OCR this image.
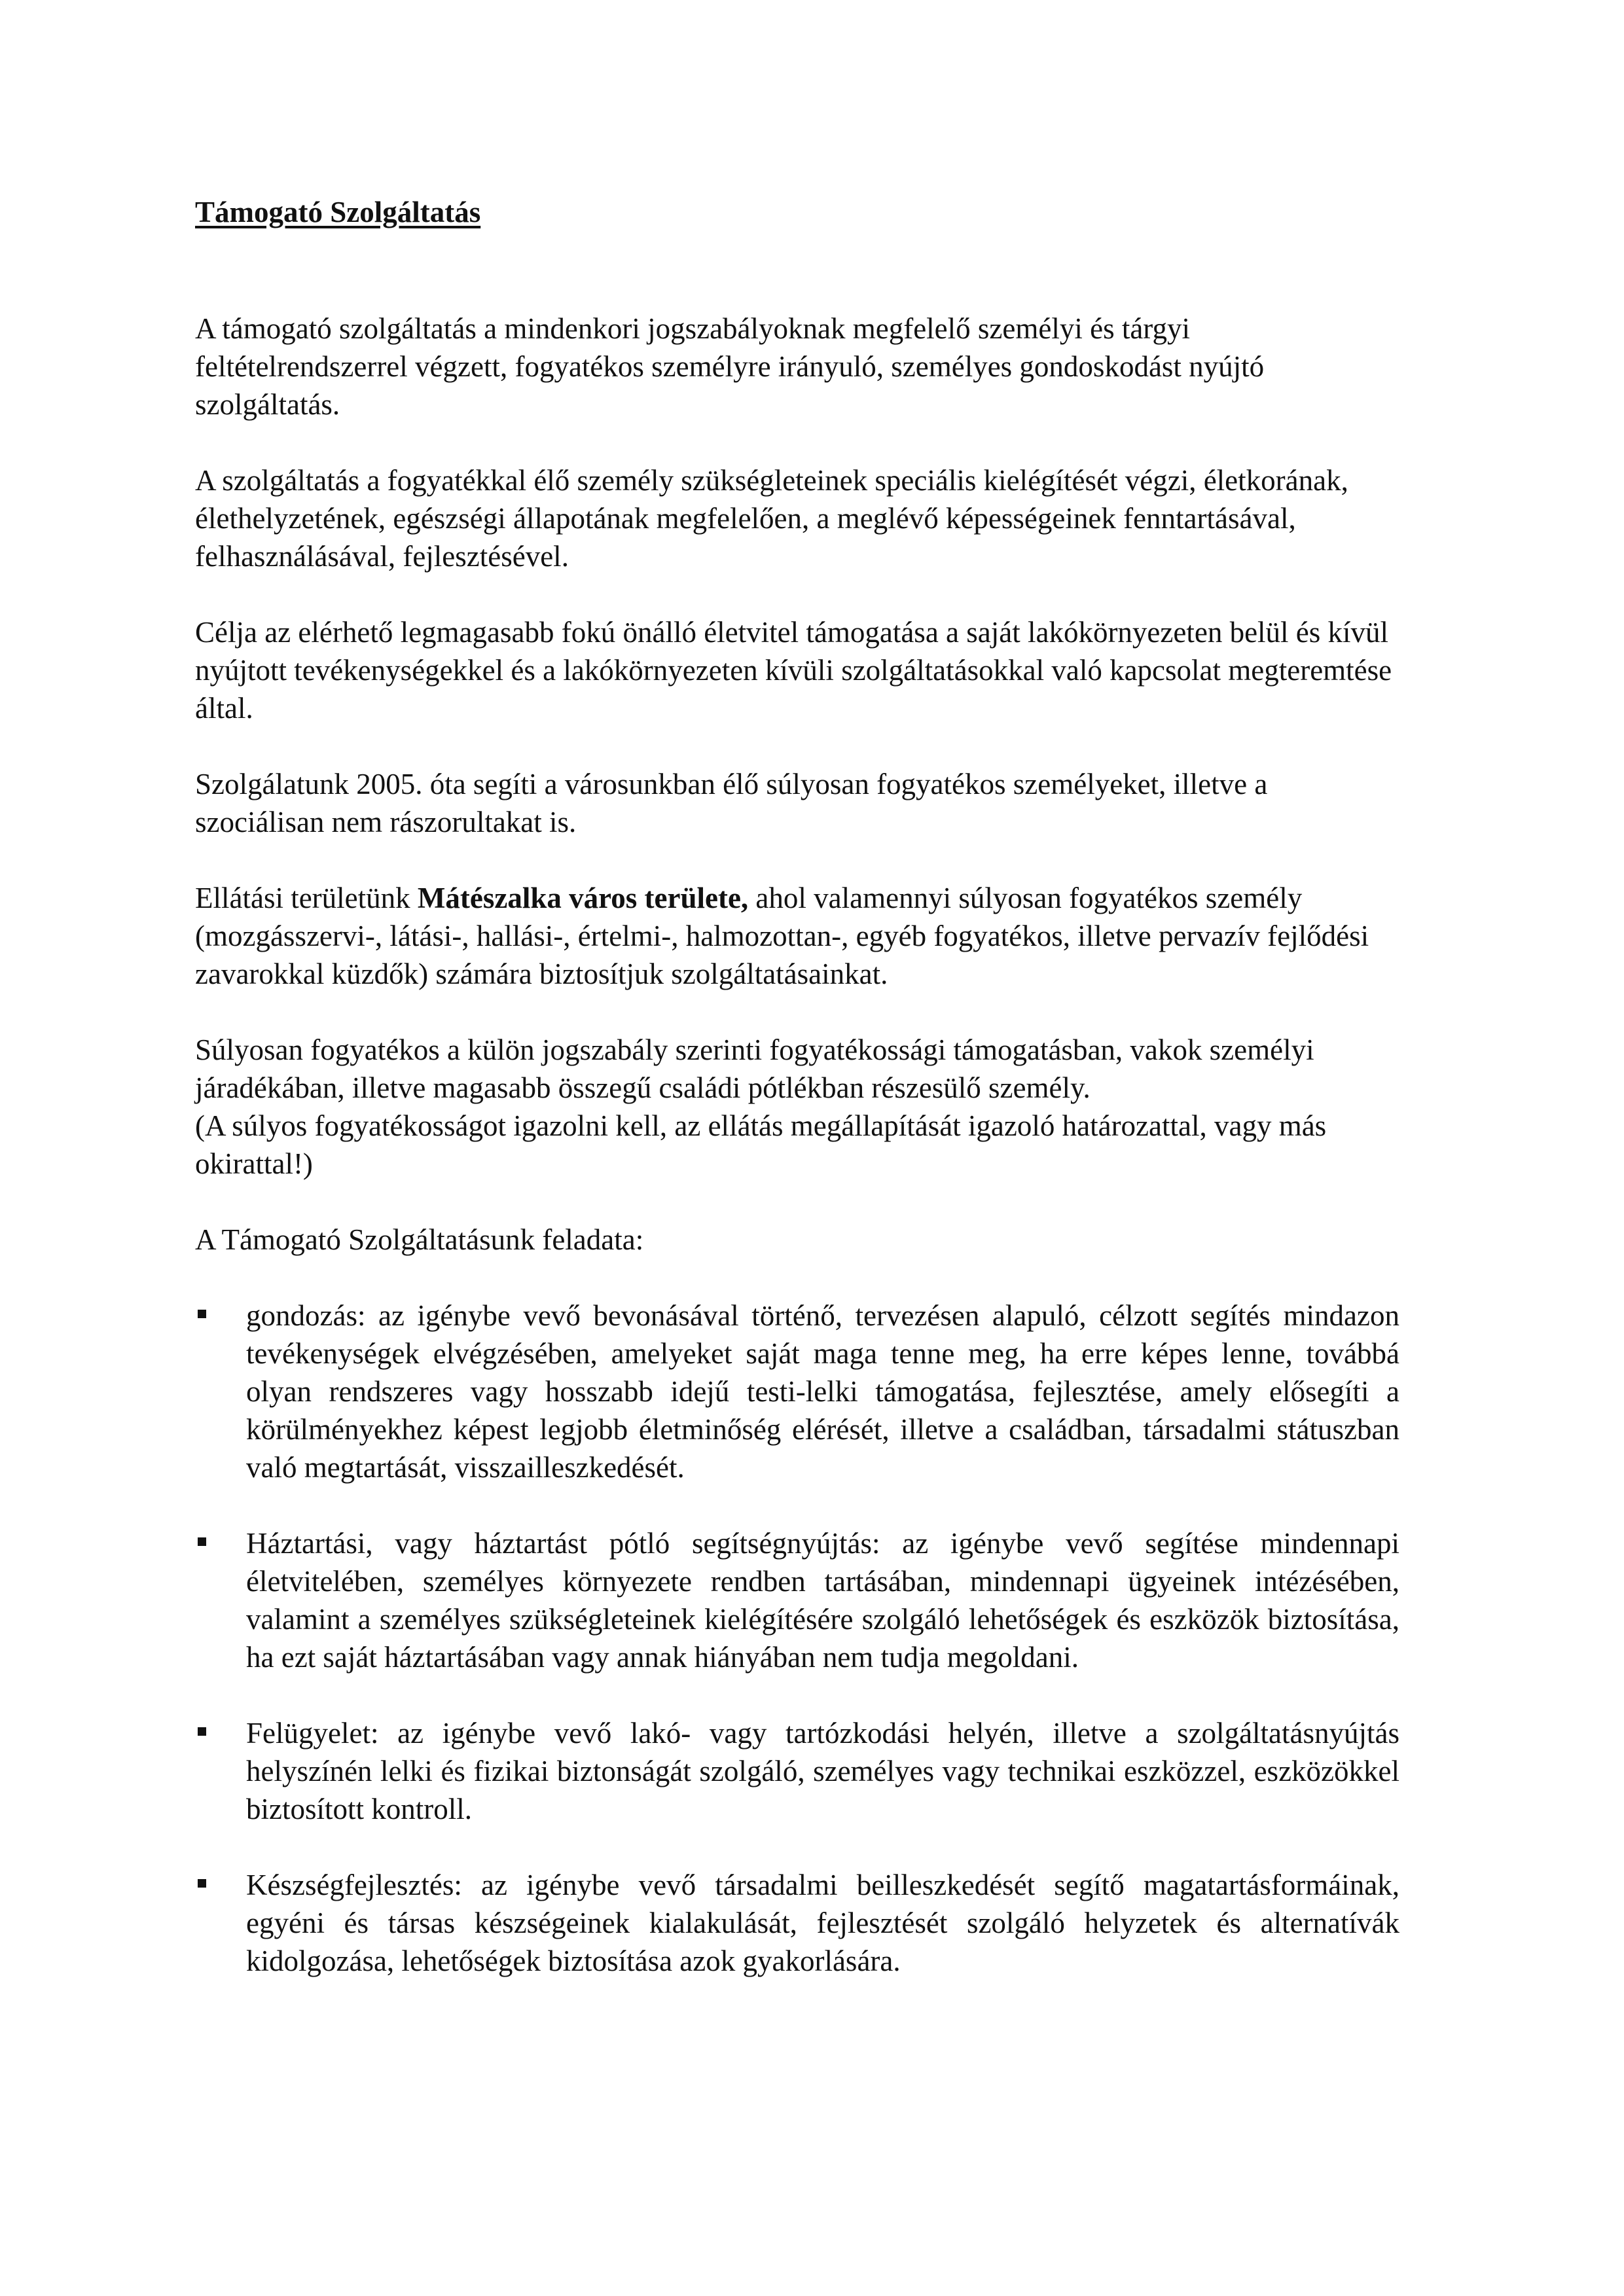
Támogató Szolgáltatás

A támogató szolgáltatás a mindenkori jogszabályoknak megfelelő személyi és tárgyi feltételrendszerrel végzett, fogyatékos személyre irányuló, személyes gondoskodást nyújtó szolgáltatás.

A szolgáltatás a fogyatékkal élő személy szükségleteinek speciális kielégítését végzi, életkorának, élethelyzetének, egészségi állapotának megfelelően, a meglévő képességeinek fenntartásával, felhasználásával, fejlesztésével.

Célja az elérhető legmagasabb fokú önálló életvitel támogatása a saját lakókörnyezeten belül és kívül nyújtott tevékenységekkel és a lakókörnyezeten kívüli szolgáltatásokkal való kapcsolat megteremtése által.

Szolgálatunk 2005. óta segíti a városunkban élő súlyosan fogyatékos személyeket, illetve a szociálisan nem rászorultakat is.

Ellátási területünk Mátészalka város területe, ahol valamennyi súlyosan fogyatékos személy (mozgásszervi-, látási-, hallási-, értelmi-, halmozottan-, egyéb fogyatékos, illetve pervazív fejlődési zavarokkal küzdők) számára biztosítjuk szolgáltatásainkat.

Súlyosan fogyatékos a külön jogszabály szerinti fogyatékossági támogatásban, vakok személyi járadékában, illetve magasabb összegű családi pótlékban részesülő személy.
(A súlyos fogyatékosságot igazolni kell, az ellátás megállapítását igazoló határozattal, vagy más okirattal!)

A Támogató Szolgáltatásunk feladata:

gondozás: az igénybe vevő bevonásával történő, tervezésen alapuló, célzott segítés mindazon tevékenységek elvégzésében, amelyeket saját maga tenne meg, ha erre képes lenne, továbbá olyan rendszeres vagy hosszabb idejű testi-lelki támogatása, fejlesztése, amely elősegíti a körülményekhez képest legjobb életminőség elérését, illetve a családban, társadalmi státuszban való megtartását, visszailleszkedését.
Háztartási, vagy háztartást pótló segítségnyújtás: az igénybe vevő segítése mindennapi életvitelében, személyes környezete rendben tartásában, mindennapi ügyeinek intézésében, valamint a személyes szükségleteinek kielégítésére szolgáló lehetőségek és eszközök biztosítása, ha ezt saját háztartásában vagy annak hiányában nem tudja megoldani.
Felügyelet: az igénybe vevő lakó- vagy tartózkodási helyén, illetve a szolgáltatásnyújtás helyszínén lelki és fizikai biztonságát szolgáló, személyes vagy technikai eszközzel, eszközökkel biztosított kontroll.
Készségfejlesztés: az igénybe vevő társadalmi beilleszkedését segítő magatartásformáinak, egyéni és társas készségeinek kialakulását, fejlesztését szolgáló helyzetek és alternatívák kidolgozása, lehetőségek biztosítása azok gyakorlására.
